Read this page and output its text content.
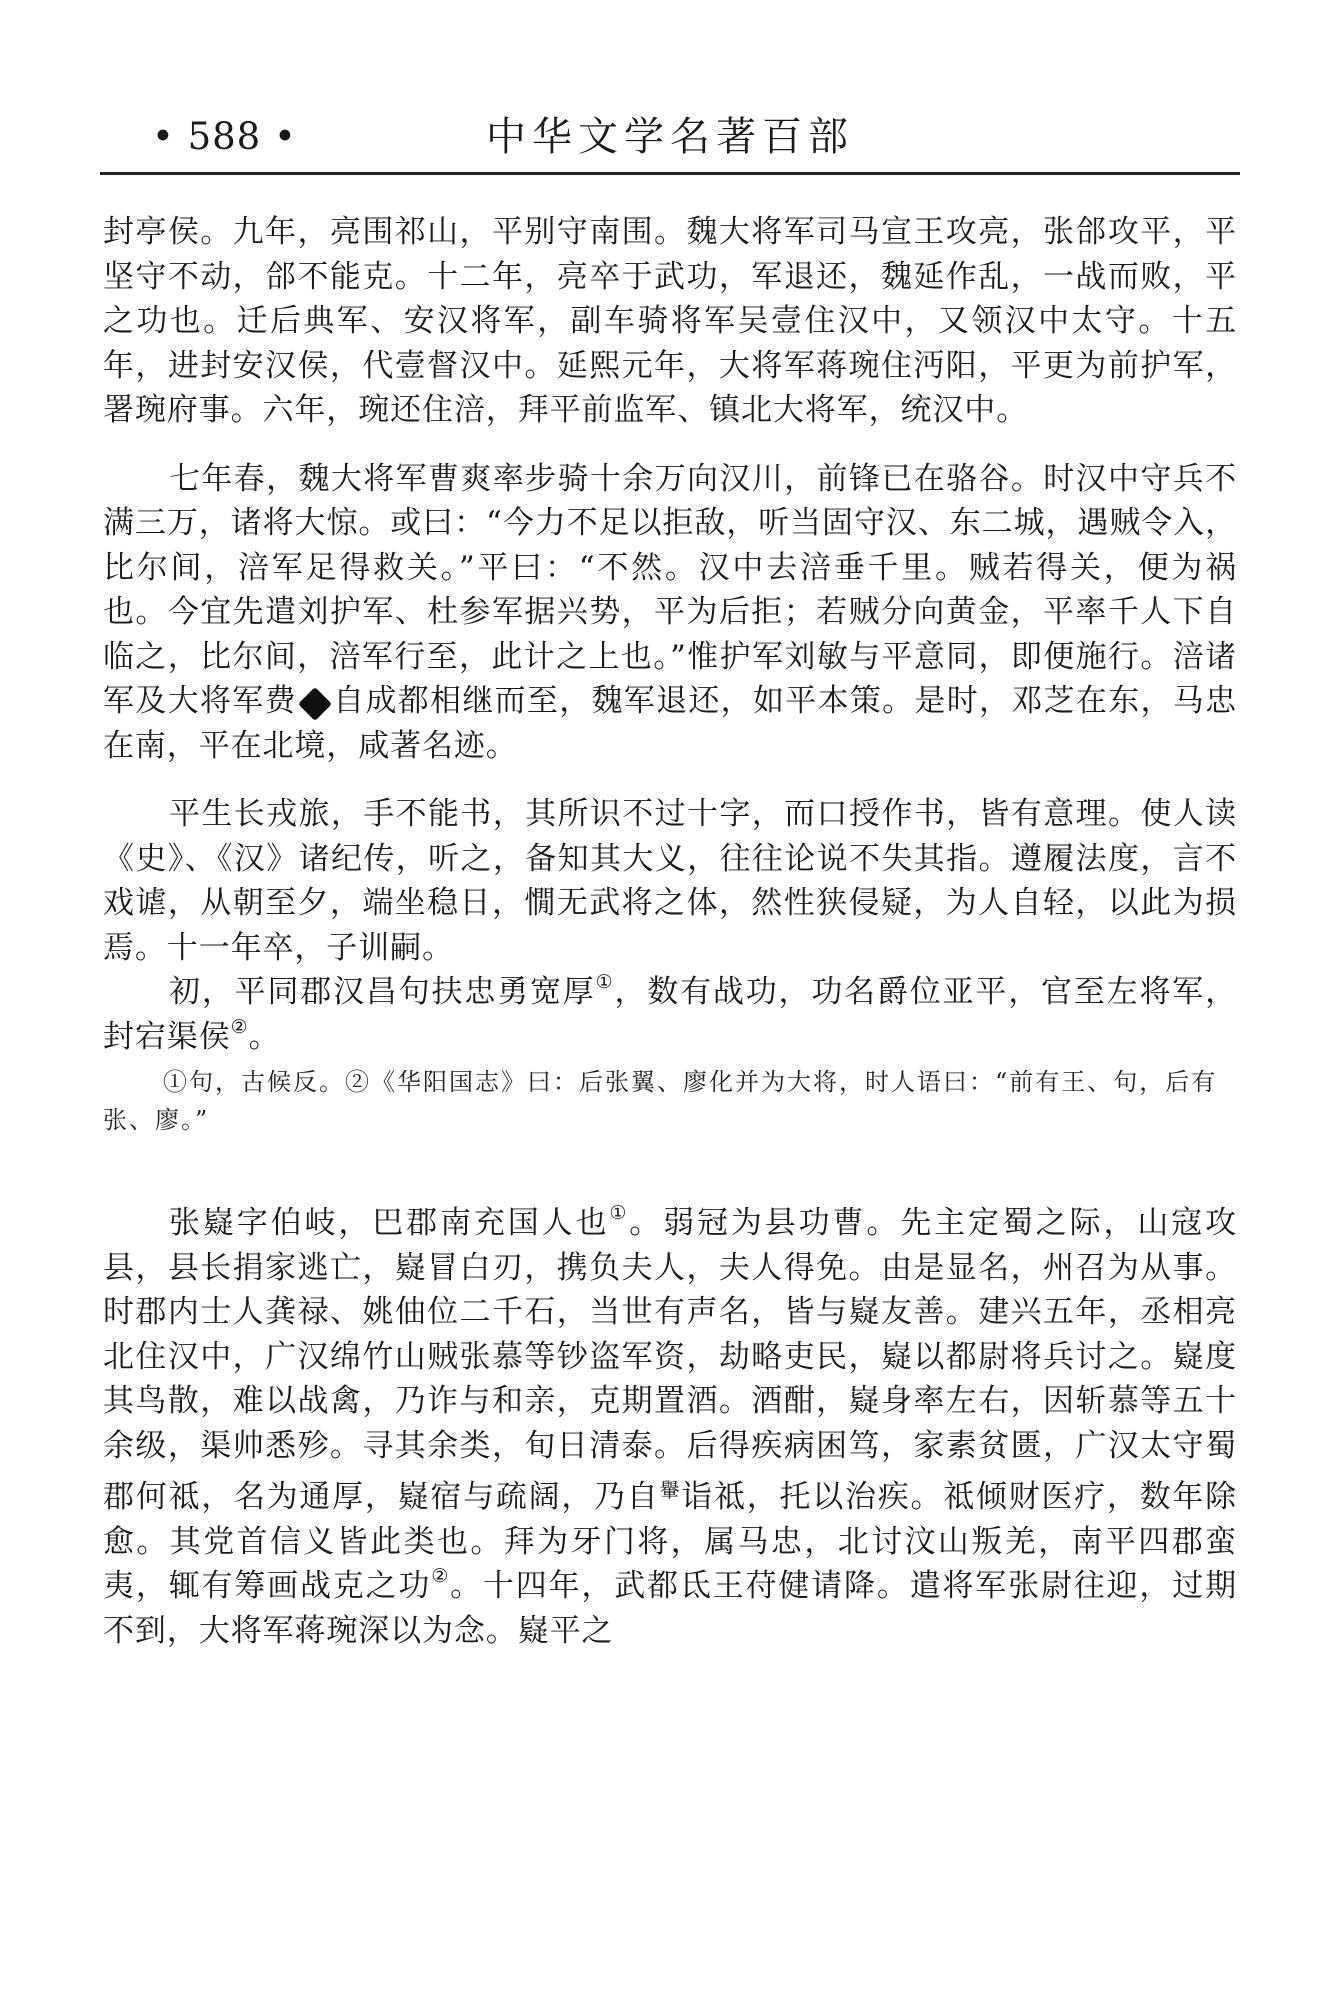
• 588 •	中华文学名著百部

封亭侯。九年，亮围祁山，平别守南围。魏大将军司马宣王攻亮，张郃攻平，平坚守不动，郃不能克。十二年，亮卒于武功，军退还，魏延作乱，一战而败，平之功也。迁后典军、安汉将军，副车骑将军吴壹住汉中，又领汉中太守。十五年，进封安汉侯，代壹督汉中。延熙元年，大将军蒋琬住沔阳，平更为前护军，署琬府事。六年，琬还住涪，拜平前监军、镇北大将军，统汉中。

七年春，魏大将军曹爽率步骑十余万向汉川，前锋已在骆谷。时汉中守兵不满三万，诸将大惊。或曰：“今力不足以拒敌，听当固守汉、东二城，遇贼令入，比尔间，涪军足得救关。”平曰：“不然。汉中去涪垂千里。贼若得关，便为祸也。今宜先遣刘护军、杜参军据兴势，平为后拒；若贼分向黄金，平率千人下自临之，比尔间，涪军行至，此计之上也。”惟护军刘敏与平意同，即便施行。涪诸军及大将军费?自成都相继而至，魏军退还，如平本策。是时，邓芝在东，马忠在南，平在北境，咸著名迹。

平生长戎旅，手不能书，其所识不过十字，而口授作书，皆有意理。使人读《史》、《汉》诸纪传，听之，备知其大义，往往论说不失其指。遵履法度，言不戏谑，从朝至夕，端坐稳日，憪无武将之体，然性狭侵疑，为人自轻，以此为损焉。十一年卒，子训嗣。

初，平同郡汉昌句扶忠勇宽厚①，数有战功，功名爵位亚平，官至左将军，封宕渠侯②。

①句，古候反。②《华阳国志》曰：后张翼、廖化并为大将，时人语曰：“前有王、句，后有张、廖。”

张嶷字伯岐，巴郡南充国人也①。弱冠为县功曹。先主定蜀之际，山寇攻县，县长捐家逃亡，嶷冒白刃，携负夫人，夫人得免。由是显名，州召为从事。时郡内士人龚禄、姚伷位二千石，当世有声名，皆与嶷友善。建兴五年，丞相亮北住汉中，广汉绵竹山贼张慕等钞盗军资，劫略吏民，嶷以都尉将兵讨之。嶷度其鸟散，难以战禽，乃诈与和亲，克期置酒。酒酣，嶷身率左右，因斩慕等五十余级，渠帅悉殄。寻其余类，旬日清泰。后得疾病困笃，家素贫匮，广汉太守蜀郡何祗，名为通厚，嶷宿与疏阔，乃自$^轝$诣祗，托以治疾。祗倾财医疗，数年除愈。其党首信义皆此类也。拜为牙门将，属马忠，北讨汶山叛羌，南平四郡蛮夷，辄有筹画战克之功②。十四年，武都氐王苻健请降。遣将军张尉往迎，过期不到，大将军蒋琬深以为念。嶷平之
